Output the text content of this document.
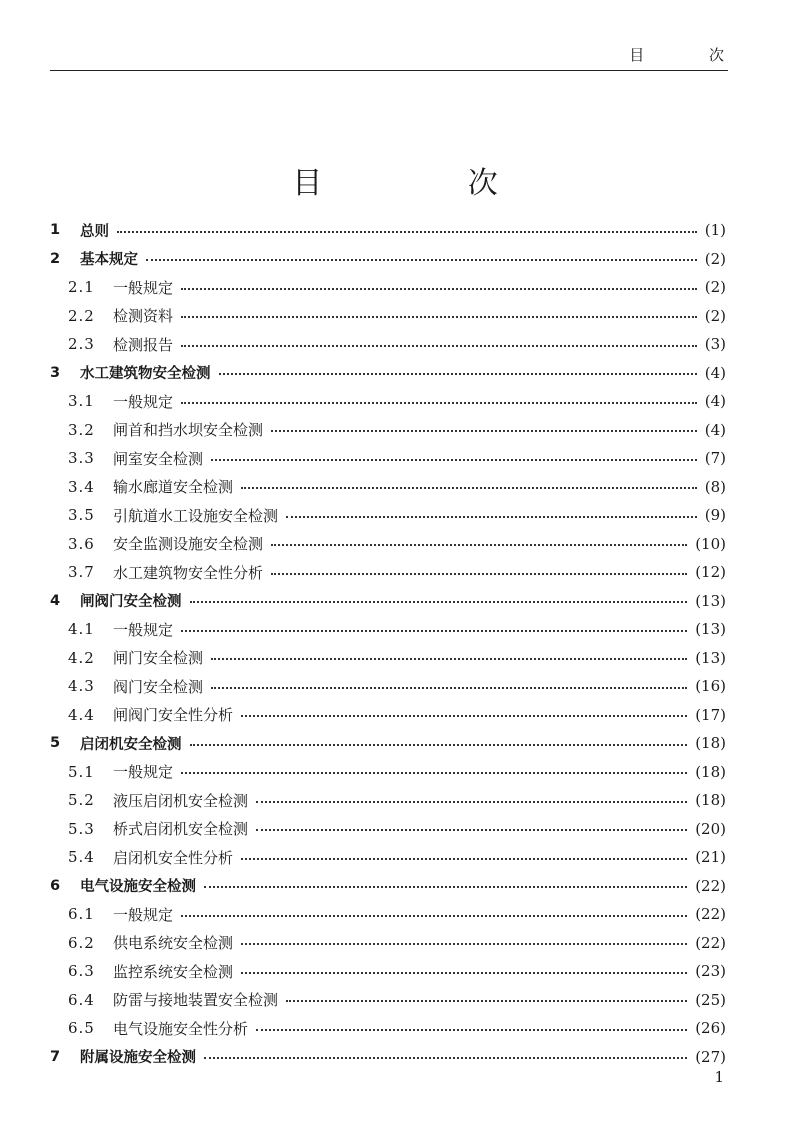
目 次
目 次
1	总则	(1)
2	基本规定	(2)
2.1	一般规定	(2)
2.2	检测资料	(2)
2.3	检测报告	(3)
3	水工建筑物安全检测	(4)
3.1	一般规定	(4)
3.2	闸首和挡水坝安全检测	(4)
3.3	闸室安全检测	(7)
3.4	输水廊道安全检测	(8)
3.5	引航道水工设施安全检测	(9)
3.6	安全监测设施安全检测	(10)
3.7	水工建筑物安全性分析	(12)
4	闸阀门安全检测	(13)
4.1	一般规定	(13)
4.2	闸门安全检测	(13)
4.3	阀门安全检测	(16)
4.4	闸阀门安全性分析	(17)
5	启闭机安全检测	(18)
5.1	一般规定	(18)
5.2	液压启闭机安全检测	(18)
5.3	桥式启闭机安全检测	(20)
5.4	启闭机安全性分析	(21)
6	电气设施安全检测	(22)
6.1	一般规定	(22)
6.2	供电系统安全检测	(22)
6.3	监控系统安全检测	(23)
6.4	防雷与接地装置安全检测	(25)
6.5	电气设施安全性分析	(26)
7	附属设施安全检测	(27)
1
